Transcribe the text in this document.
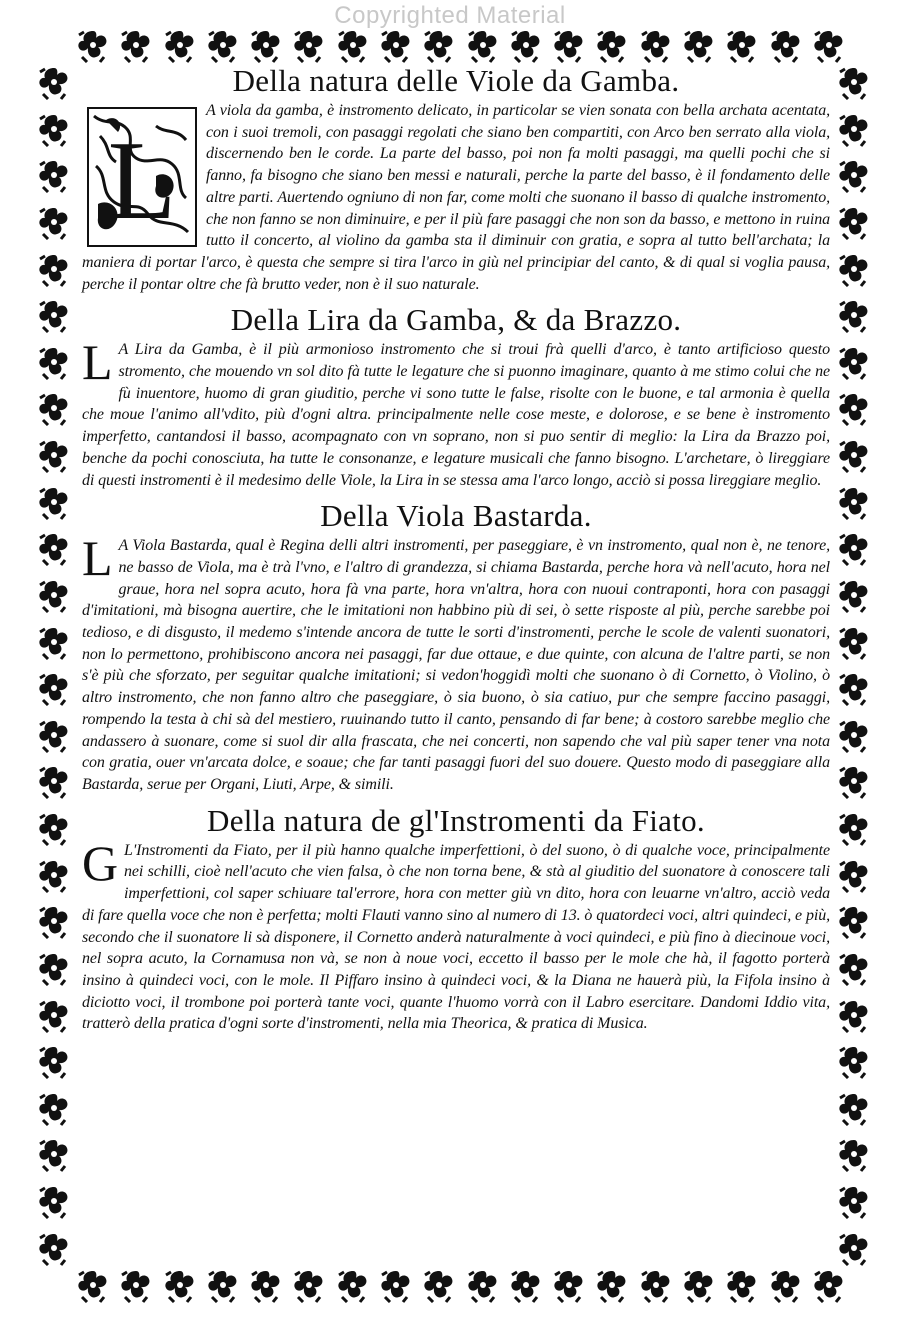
Copyrighted Material
Della natura delle Viole da Gamba.
L

A viola da gamba, è instromento delicato, in particolar se vien sonata con bella archata acentata, con i suoi tremoli, con pasaggi regolati che siano ben compartiti, con Arco ben serrato alla viola, discernendo ben le corde. La parte del basso, poi non fa molti pasaggi, ma quelli pochi che si fanno, fa bisogno che siano ben messi e naturali, perche la parte del basso, è il fondamento delle altre parti. Auertendo ogniuno di non far, come molti che suonano il basso di qualche instromento, che non fanno se non diminuire, e per il più fare pasaggi che non son da basso, e mettono in ruina tutto il concerto, al violino da gamba sta il diminuir con gratia, e sopra al tutto bell'archata; la maniera di portar l'arco, è questa che sempre si tira l'arco in giù nel principiar del canto, & di qual si voglia pausa, perche il pontar oltre che fà brutto veder, non è il suo naturale.

Della Lira da Gamba, & da Brazzo.

L A Lira da Gamba, è il più armonioso instromento che si troui frà quelli d'arco, è tanto artificioso questo stromento, che mouendo vn sol dito fà tutte le legature che si puonno imaginare, quanto à me stimo colui che ne fù inuentore, huomo di gran giuditio, perche vi sono tutte le false, risolte con le buone, e tal armonia è quella che moue l'animo all'vdito, più d'ogni altra. principalmente nelle cose meste, e dolorose, e se bene è instromento imperfetto, cantandosi il basso, acompagnato con vn soprano, non si puo sentir di meglio: la Lira da Brazzo poi, benche da pochi conosciuta, ha tutte le consonanze, e legature musicali che fanno bisogno. L'archetare, ò lireggiare di questi instromenti è il medesimo delle Viole, la Lira in se stessa ama l'arco longo, acciò si possa lireggiare meglio.

Della Viola Bastarda.

L A Viola Bastarda, qual è Regina delli altri instromenti, per paseggiare, è vn instromento, qual non è, ne tenore, ne basso de Viola, ma è trà l'vno, e l'altro di grandezza, si chiama Bastarda, perche hora và nell'acuto, hora nel graue, hora nel sopra acuto, hora fà vna parte, hora vn'altra, hora con nuoui contraponti, hora con pasaggi d'imitationi, mà bisogna auertire, che le imitationi non habbino più di sei, ò sette risposte al più, perche sarebbe poi tedioso, e di disgusto, il medemo s'intende ancora de tutte le sorti d'instromenti, perche le scole de valenti suonatori, non lo permettono, prohibiscono ancora nei pasaggi, far due ottaue, e due quinte, con alcuna de l'altre parti, se non s'è più che sforzato, per seguitar qualche imitationi; si vedon'hoggidì molti che suonano ò di Cornetto, ò Violino, ò altro instromento, che non fanno altro che paseggiare, ò sia buono, ò sia catiuo, pur che sempre faccino pasaggi, rompendo la testa à chi sà del mestiero, ruuinando tutto il canto, pensando di far bene; à costoro sarebbe meglio che andassero à suonare, come si suol dir alla frascata, che nei concerti, non sapendo che val più saper tener vna nota con gratia, ouer vn'arcata dolce, e soaue; che far tanti pasaggi fuori del suo douere. Questo modo di paseggiare alla Bastarda, serue per Organi, Liuti, Arpe, & simili.

Della natura de gl'Instromenti da Fiato.

G L'Instromenti da Fiato, per il più hanno qualche imperfettioni, ò del suono, ò di qualche voce, principalmente nei schilli, cioè nell'acuto che vien falsa, ò che non torna bene, & stà al giuditio del suonatore à conoscere tali imperfettioni, col saper schiuare tal'errore, hora con metter giù vn dito, hora con leuarne vn'altro, acciò veda di fare quella voce che non è perfetta; molti Flauti vanno sino al numero di 13. ò quatordeci voci, altri quindeci, e più, secondo che il suonatore li sà disponere, il Cornetto anderà naturalmente à voci quindeci, e più fino à diecinoue voci, nel sopra acuto, la Cornamusa non và, se non à noue voci, eccetto il basso per le mole che hà, il fagotto porterà insino à quindeci voci, con le mole. Il Piffaro insino à quindeci voci, & la Diana ne hauerà più, la Fifola insino à diciotto voci, il trombone poi porterà tante voci, quante l'huomo vorrà con il Labro esercitare. Dandomi Iddio vita, tratterò della pratica d'ogni sorte d'instromenti, nella mia Theorica, & pratica di Musica.
